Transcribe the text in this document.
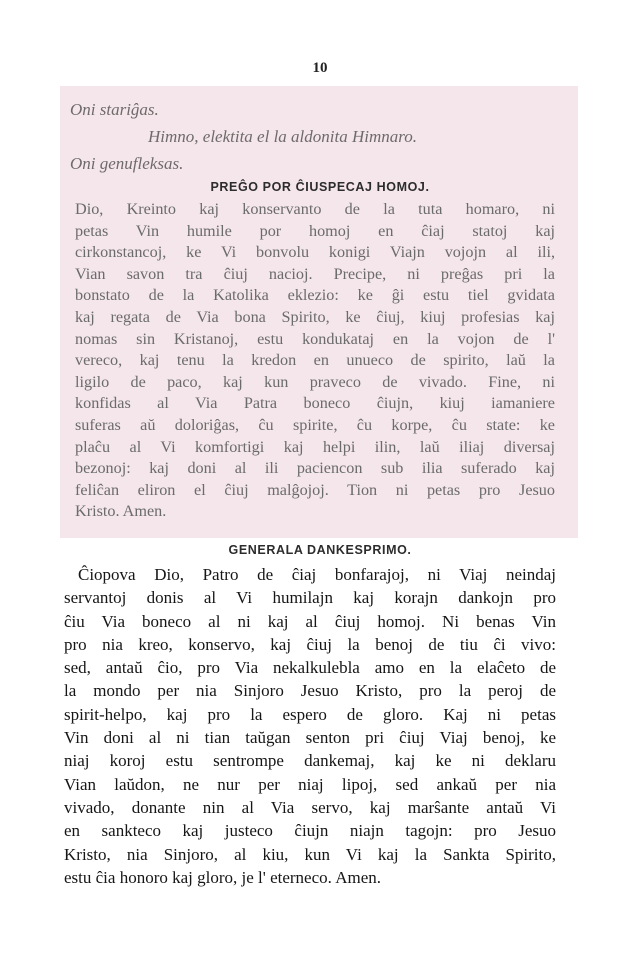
10
Oni stariĝas.
Himno, elektita el la aldonita Himnaro.
Oni genufleksas.
PREĜO POR ĈIUSPECAJ HOMOJ.
Dio, Kreinto kaj konservanto de la tuta homaro, ni
petas Vin humile por homoj en ĉiaj statoj kaj
cirkonstancoj, ke Vi bonvolu konigi Viajn vojojn al ili,
Vian savon tra ĉiuj nacioj. Precipe, ni preĝas pri la
bonstato de la Katolika eklezio: ke ĝi estu tiel gvidata
kaj regata de Via bona Spirito, ke ĉiuj, kiuj profesias kaj
nomas sin Kristanoj, estu kondukataj en la vojon de l'
vereco, kaj tenu la kredon en unueco de spirito, laŭ la
ligilo de paco, kaj kun praveco de vivado. Fine, ni
konfidas al Via Patra boneco ĉiujn, kiuj iamaniere
suferas aŭ doloriĝas, ĉu spirite, ĉu korpe, ĉu state: ke
plaĉu al Vi komfortigi kaj helpi ilin, laŭ iliaj diversaj
bezonoj: kaj doni al ili paciencon sub ilia suferado kaj
feliĉan eliron el ĉiuj malĝojoj. Tion ni petas pro Jesuo
Kristo. Amen.
GENERALA DANKESPRIMO.
Ĉiopova Dio, Patro de ĉiaj bonfarajoj, ni Viaj neindaj
servantoj donis al Vi humilajn kaj korajn dankojn pro
ĉiu Via boneco al ni kaj al ĉiuj homoj. Ni benas Vin
pro nia kreo, konservo, kaj ĉiuj la benoj de tiu ĉi vivo:
sed, antaŭ ĉio, pro Via nekalkulebla amo en la elaĉeto de
la mondo per nia Sinjoro Jesuo Kristo, pro la peroj de
spirit-helpo, kaj pro la espero de gloro. Kaj ni petas
Vin doni al ni tian taŭgan senton pri ĉiuj Viaj benoj, ke
niaj koroj estu sentrompe dankemaj, kaj ke ni deklaru
Vian laŭdon, ne nur per niaj lipoj, sed ankaŭ per nia
vivado, donante nin al Via servo, kaj marŝante antaŭ Vi
en sankteco kaj justeco ĉiujn niajn tagojn: pro Jesuo
Kristo, nia Sinjoro, al kiu, kun Vi kaj la Sankta Spirito,
estu ĉia honoro kaj gloro, je l' eterneco. Amen.
